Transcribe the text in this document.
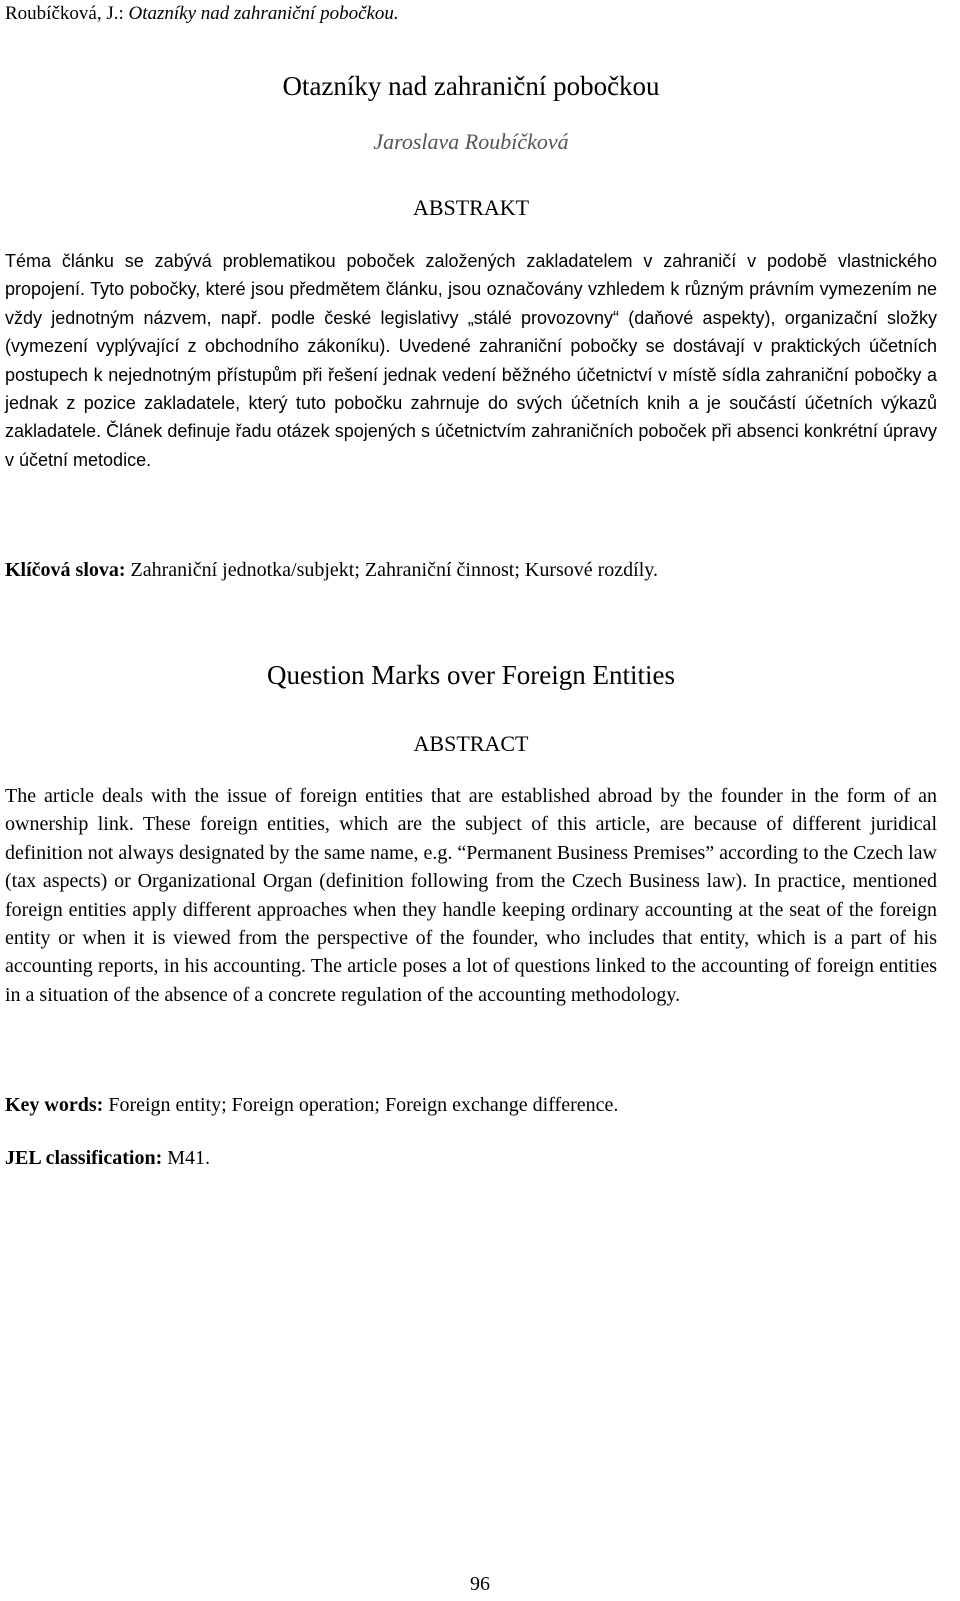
Roubíčková, J.: Otazníky nad zahraniční pobočkou.
Otazníky nad zahraniční pobočkou
Jaroslava Roubíčková
ABSTRAKT
Téma článku se zabývá problematikou poboček založených zakladatelem v zahraničí v podobě vlastnického propojení. Tyto pobočky, které jsou předmětem článku, jsou označovány vzhledem k různým právním vymezením ne vždy jednotným názvem, např. podle české legislativy „stálé provozovny“ (daňové aspekty), organizační složky (vymezení vyplývající z obchodního zákoníku). Uvedené zahraniční pobočky se dostávají v praktických účetních postupech k nejednotným přístupům při řešení jednak vedení běžného účetnictví v místě sídla zahraniční pobočky a jednak z pozice zakladatele, který tuto pobočku zahrnuje do svých účetních knih a je součástí účetních výkazů zakladatele. Článek definuje řadu otázek spojených s účetnictvím zahraničních poboček při absenci konkrétní úpravy v účetní metodice.
Klíčová slova: Zahraniční jednotka/subjekt; Zahraniční činnost; Kursové rozdíly.
Question Marks over Foreign Entities
ABSTRACT
The article deals with the issue of foreign entities that are established abroad by the founder in the form of an ownership link. These foreign entities, which are the subject of this article, are because of different juridical definition not always designated by the same name, e.g. “Permanent Business Premises” according to the Czech law (tax aspects) or Organizational Organ (definition following from the Czech Business law). In practice, mentioned foreign entities apply different approaches when they handle keeping ordinary accounting at the seat of the foreign entity or when it is viewed from the perspective of the founder, who includes that entity, which is a part of his accounting reports, in his accounting. The article poses a lot of questions linked to the accounting of foreign entities in a situation of the absence of a concrete regulation of the accounting methodology.
Key words: Foreign entity; Foreign operation; Foreign exchange difference.
JEL classification: M41.
96
